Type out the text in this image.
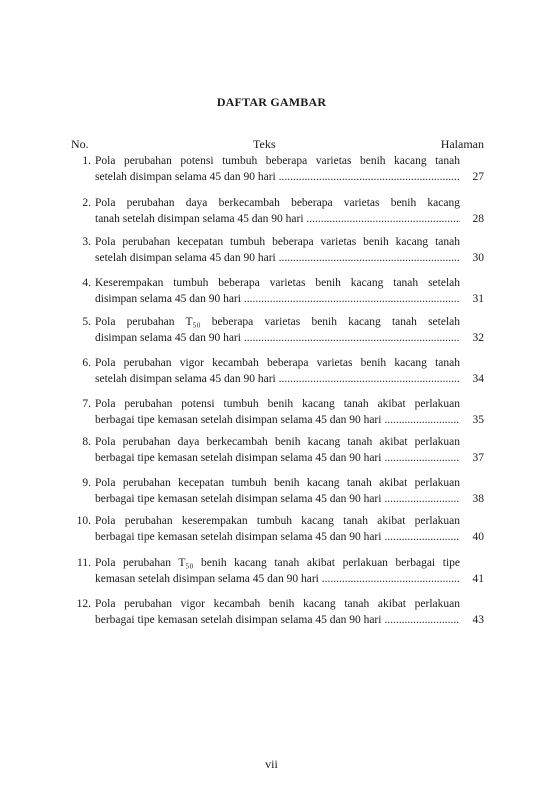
DAFTAR GAMBAR
No.	Teks	Halaman
1. Pola perubahan potensi tumbuh beberapa varietas benih kacang tanah
setelah disimpan selama 45 dan 90 hari .....	27
2. Pola perubahan daya berkecambah beberapa varietas benih kacang
tanah setelah disimpan selama 45 dan 90 hari .....	28
3. Pola perubahan kecepatan tumbuh beberapa varietas benih kacang tanah
setelah disimpan selama 45 dan 90 hari .....	30
4. Keserempakan tumbuh beberapa varietas benih kacang tanah setelah
disimpan selama 45 dan 90 hari .....	31
5. Pola perubahan T₅₀ beberapa varietas benih kacang tanah setelah
disimpan selama 45 dan 90 hari .....	32
6. Pola perubahan vigor kecambah beberapa varietas benih kacang tanah
setelah disimpan selama 45 dan 90 hari .....	34
7. Pola perubahan potensi tumbuh benih kacang tanah akibat perlakuan
berbagai tipe kemasan setelah disimpan selama 45 dan 90 hari .....	35
8. Pola perubahan daya berkecambah benih kacang tanah akibat perlakuan
berbagai tipe kemasan setelah disimpan selama 45 dan 90 hari .....	37
9. Pola perubahan kecepatan tumbuh benih kacang tanah akibat perlakuan
berbagai tipe kemasan setelah disimpan selama 45 dan 90 hari .....	38
10. Pola perubahan keserempakan tumbuh kacang tanah akibat perlakuan
berbagai tipe kemasan setelah disimpan selama 45 dan 90 hari .....	40
11. Pola perubahan T₅₀ benih kacang tanah akibat perlakuan berbagai tipe
kemasan setelah disimpan selama 45 dan 90 hari .....	41
12. Pola perubahan vigor kecambah benih kacang tanah akibat perlakuan
berbagai tipe kemasan setelah disimpan selama 45 dan 90 hari .....	43
vii
